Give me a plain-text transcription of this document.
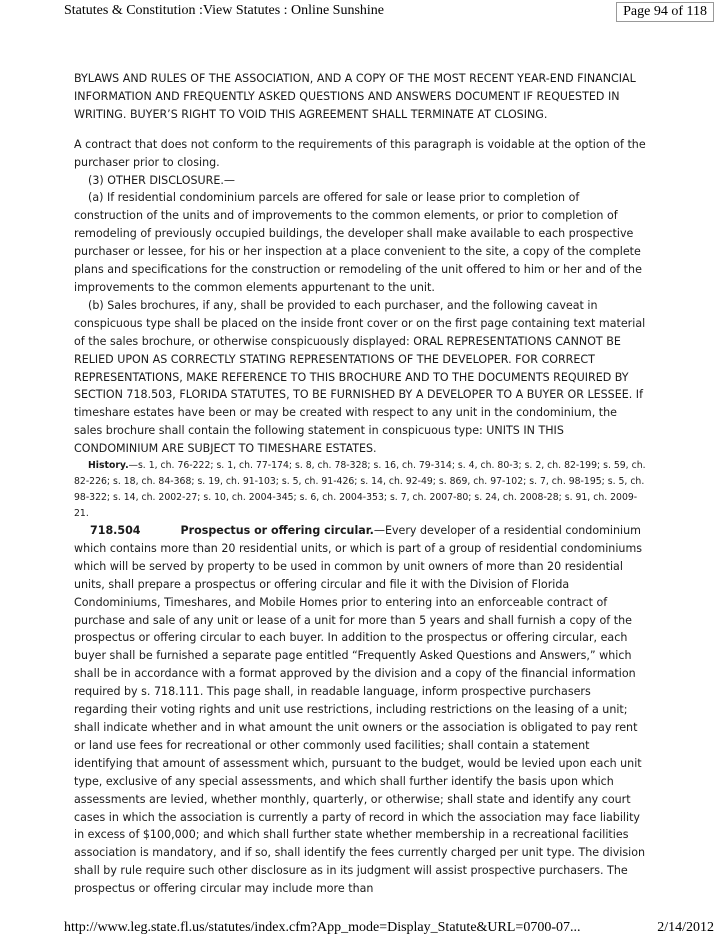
Statutes & Constitution :View Statutes : Online Sunshine	Page 94 of 118

BYLAWS AND RULES OF THE ASSOCIATION, AND A COPY OF THE MOST RECENT YEAR-END FINANCIAL INFORMATION AND FREQUENTLY ASKED QUESTIONS AND ANSWERS DOCUMENT IF REQUESTED IN WRITING. BUYER’S RIGHT TO VOID THIS AGREEMENT SHALL TERMINATE AT CLOSING.

A contract that does not conform to the requirements of this paragraph is voidable at the option of the purchaser prior to closing.

(3) OTHER DISCLOSURE.—

(a) If residential condominium parcels are offered for sale or lease prior to completion of construction of the units and of improvements to the common elements, or prior to completion of remodeling of previously occupied buildings, the developer shall make available to each prospective purchaser or lessee, for his or her inspection at a place convenient to the site, a copy of the complete plans and specifications for the construction or remodeling of the unit offered to him or her and of the improvements to the common elements appurtenant to the unit.

(b) Sales brochures, if any, shall be provided to each purchaser, and the following caveat in conspicuous type shall be placed on the inside front cover or on the first page containing text material of the sales brochure, or otherwise conspicuously displayed: ORAL REPRESENTATIONS CANNOT BE RELIED UPON AS CORRECTLY STATING REPRESENTATIONS OF THE DEVELOPER. FOR CORRECT REPRESENTATIONS, MAKE REFERENCE TO THIS BROCHURE AND TO THE DOCUMENTS REQUIRED BY SECTION 718.503, FLORIDA STATUTES, TO BE FURNISHED BY A DEVELOPER TO A BUYER OR LESSEE. If timeshare estates have been or may be created with respect to any unit in the condominium, the sales brochure shall contain the following statement in conspicuous type: UNITS IN THIS CONDOMINIUM ARE SUBJECT TO TIMESHARE ESTATES.

History.—s. 1, ch. 76-222; s. 1, ch. 77-174; s. 8, ch. 78-328; s. 16, ch. 79-314; s. 4, ch. 80-3; s. 2, ch. 82-199; s. 59, ch. 82-226; s. 18, ch. 84-368; s. 19, ch. 91-103; s. 5, ch. 91-426; s. 14, ch. 92-49; s. 869, ch. 97-102; s. 7, ch. 98-195; s. 5, ch. 98-322; s. 14, ch. 2002-27; s. 10, ch. 2004-345; s. 6, ch. 2004-353; s. 7, ch. 2007-80; s. 24, ch. 2008-28; s. 91, ch. 2009-21.

718.504	Prospectus or offering circular.—Every developer of a residential condominium which contains more than 20 residential units, or which is part of a group of residential condominiums which will be served by property to be used in common by unit owners of more than 20 residential units, shall prepare a prospectus or offering circular and file it with the Division of Florida Condominiums, Timeshares, and Mobile Homes prior to entering into an enforceable contract of purchase and sale of any unit or lease of a unit for more than 5 years and shall furnish a copy of the prospectus or offering circular to each buyer. In addition to the prospectus or offering circular, each buyer shall be furnished a separate page entitled “Frequently Asked Questions and Answers,” which shall be in accordance with a format approved by the division and a copy of the financial information required by s. 718.111. This page shall, in readable language, inform prospective purchasers regarding their voting rights and unit use restrictions, including restrictions on the leasing of a unit; shall indicate whether and in what amount the unit owners or the association is obligated to pay rent or land use fees for recreational or other commonly used facilities; shall contain a statement identifying that amount of assessment which, pursuant to the budget, would be levied upon each unit type, exclusive of any special assessments, and which shall further identify the basis upon which assessments are levied, whether monthly, quarterly, or otherwise; shall state and identify any court cases in which the association is currently a party of record in which the association may face liability in excess of $100,000; and which shall further state whether membership in a recreational facilities association is mandatory, and if so, shall identify the fees currently charged per unit type. The division shall by rule require such other disclosure as in its judgment will assist prospective purchasers. The prospectus or offering circular may include more than

http://www.leg.state.fl.us/statutes/index.cfm?App_mode=Display_Statute&URL=0700-07...	2/14/2012
